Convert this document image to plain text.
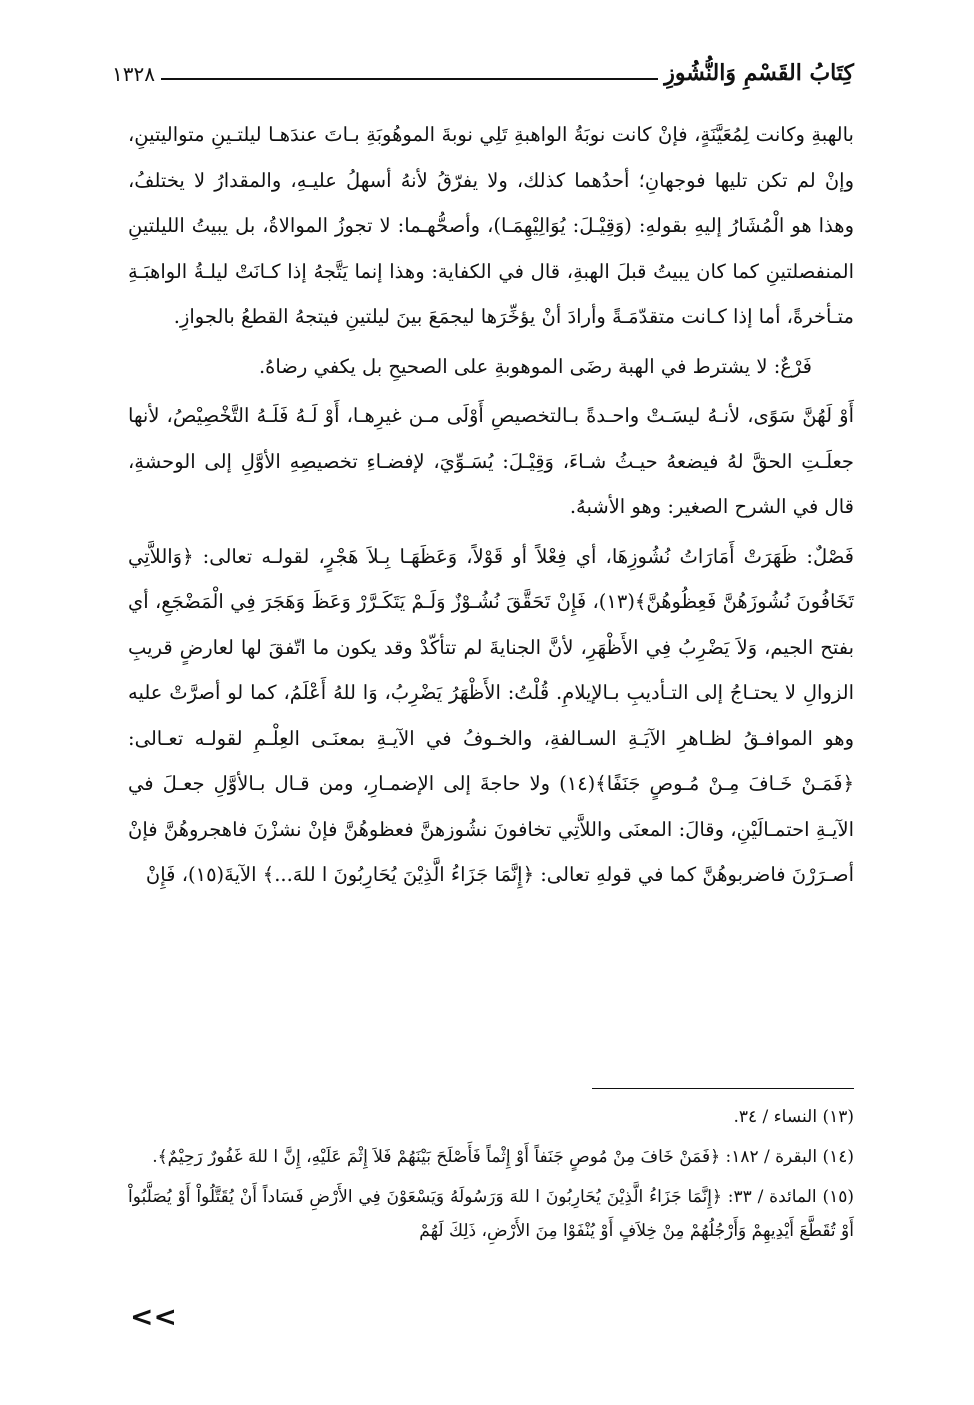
كِتَابُ القَسْمِ وَالنُّشُوزِ
١٣٢٨

بالهبةِ وكانت لِمُعَيَّنَةٍ، فإنْ كانت نوبَةُ الواهبةِ تَلِي نوبةَ الموهُوبَةِ بـاتَ عندَهـا ليلتـينِ متواليتينِ، وإنْ لم تكن تليها فوجهانِ؛ أحدُهما كذلك، ولا يفرّقُ لأنهُ أسهلُ عليـهِ، والمقدارُ لا يختلفُ، وهذا هو الْمُشَارُ إليهِ بقولهِ: (وَقِيْـلَ: يُوَالِيْهِمَـا)، وأصحُّهـما: لا تجوزُ الموالاةُ، بل يبيتُ الليلتينِ المنفصلتينِ كما كان يبيتُ قبلَ الهبةِ، قال في الكفاية: وهذا إنما يَتَّجهُ إذا كـانَتْ ليلـةُ الواهبَـةِ متـأخرةً، أما إذا كـانت متقدّمَـةً وأرادَ أنْ يؤخِّرَها ليجمَعَ بينَ ليلتينِ فيتجهُ القطعُ بالجوازِ.

فَرْعٌ: لا يشترط في الهبة رضَى الموهوبةِ على الصحيحِ بل يكفي رضاهُ.

أَوْ لَهُنَّ سَوًى، لأنـهُ ليسَـتْ واحـدةً بـالتخصيصِ أَوْلَى مـن غيرِهـا، أَوْ لَـهُ فَلَـهُ التَّخْصِيْصُ، لأنها جعلَـتِ الحقَّ لهُ فيضعهُ حيـثُ شـاءَ، وَقِيْـلَ: يُسَـوِّيَ، لإفضـاءِ تخصيصِهِ الأوَّلِ إلى الوحشةِ، قال في الشرح الصغير: وهو الأشبهُ.

فَصْلٌ: ظَهَرَتْ أَمَارَاتُ نُشُوزِهَا، أي فِعْلاً أو قَوْلاً، وَعَظَهَـا بِـلاَ هَجْرٍ، لقولـه تعالى: ﴿وَاللاَّتِي تَخَافُونَ نُشُوزَهُنَّ فَعِظُوهُنَّ﴾(١٣)، فَإِنْ تَحَقَّقَ نُشُـوْزٌ وَلَـمْ يَتَكَـرَّرْ وَعَظَ وَهَجَرَ فِي الْمَضْجَعِ، أي بفتح الجيم، وَلاَ يَضْرِبُ فِي الأَظْهَرِ، لأنَّ الجنايةَ لم تتأكّدْ وقد يكون ما اتّفقَ لها لعارضٍ قريبِ الزوالِ لا يحتـاجُ إلى التـأديبِ بـالإيلامِ. قُلْتُ: الأَظْهَرُ يَضْرِبُ، وَا للهُ أَعْلَمُ، كما لو أصرَّتْ عليه وهو الموافـقُ لظـاهرِ الآيَـةِ السـالفةِ، والخـوفُ في الآيـةِ بمعنَـى العِلْـمِ لقولـه تعـالى: ﴿فَمَـنْ خَـافَ مِـنْ مُـوصٍ جَنَفًا﴾(١٤) ولا حاجةَ إلى الإضمـارِ، ومن قـال بـالأوَّلِ جعـلَ في الآيـةِ احتمـالَيْنِ، وقالَ: المعنَى واللاَّتِي تخافونَ نشُوزهنَّ فعظوهُنَّ فإنْ نشزْنَ فاهجروهُنَّ فإنْ أصـرَرْنَ فاضربوهُنَّ كما في قولهِ تعالى: ﴿إِنَّمَا جَزَاءُ الَّذِيْنَ يُحَارِبُونَ ا للهَ...﴾ الآيةَ(١٥)، فَإِنْ

(١٣) النساء / ٣٤.

(١٤) البقرة / ١٨٢: ﴿فَمَنْ خَافَ مِنْ مُوصٍ جَنَفاً أَوْ إِثْماً فَأَصْلَحَ بَيْنَهُمْ فَلاَ إِثْمَ عَلَيْهِ، إِنَّ ا للهَ غَفُورٌ رَحِيْمٌ﴾.

(١٥) المائدة / ٣٣: ﴿إِنَّمَا جَزَاءُ الَّذِيْنَ يُحَارِبُونَ ا للهَ وَرَسُولَهُ وَيَسْعَوْنَ فِي الأَرْضِ فَسَاداً أَنْ يُقَتَّلُواْ أَوْ يُصَلَّبُواْ أَوْ تُقَطَّعَ أَيْدِيهِمْ وَأَرْجُلُهُمْ مِنْ خِلاَفٍ أَوْ يُنْفَوْا مِنَ الأَرْضِ، ذَلِكَ لَهُمْ

<<
